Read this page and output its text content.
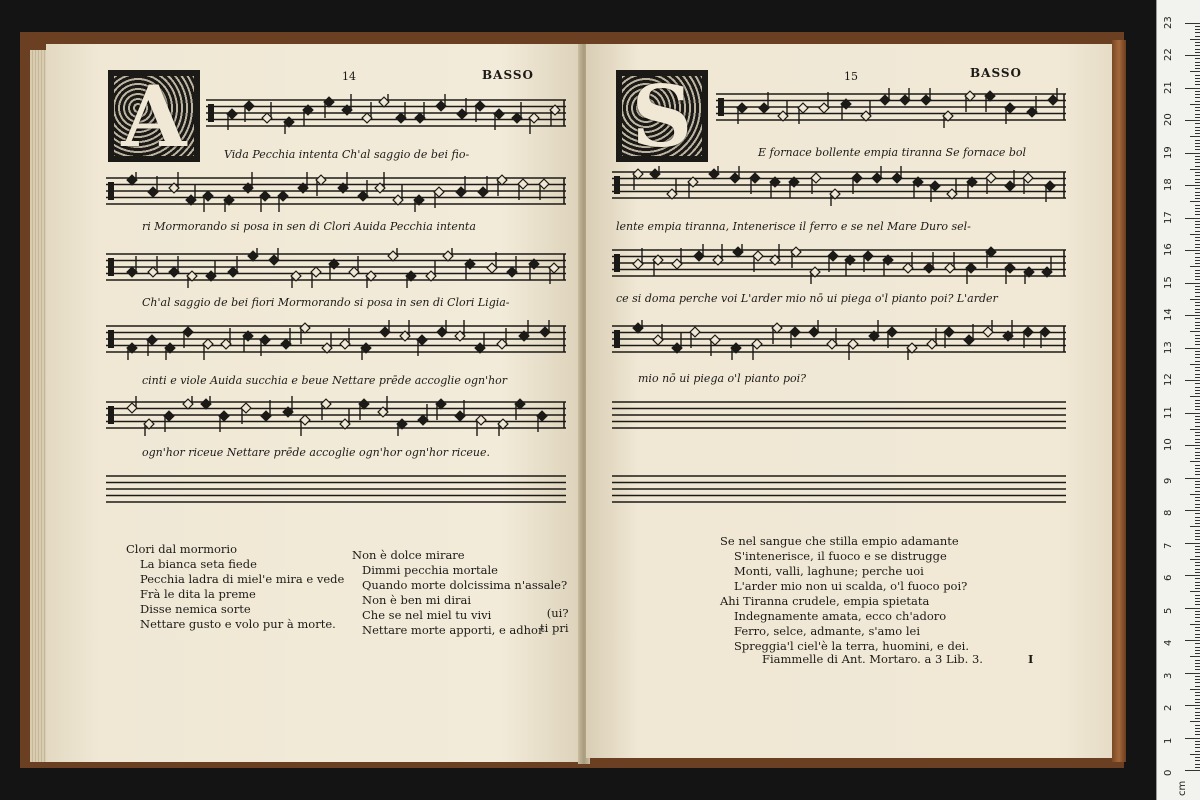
A	14	BASSO
Vida Pecchia intenta Ch'al saggio de bei fio-
ri Mormorando si posa in sen di Clori Auida Pecchia intenta
Ch'al saggio de bei fiori Mormorando si posa in sen di Clori Ligia-
cinti e viole Auida succhia e beue Nettare prēde accoglie ogn'hor
ogn'hor riceue Nettare prēde accoglie ogn'hor ogn'hor riceue.
Clori dal mormorio
La bianca seta fiede
Pecchia ladra di miel'e mira e vede
Frà le dita la preme
Disse nemica sorte
Nettare gusto e volo pur à morte.
Non è dolce mirare
Dimmi pecchia mortale
Quando morte dolcissima n'assale?
Non è ben mi dirai
Che se nel miel tu vivi
Nettare morte apporti, e adhor
(ui?
ti pri
S	15	BASSO
E fornace bollente empia tiranna Se fornace bol
lente empia tiranna, Intenerisce il ferro e se nel Mare Duro sel-
ce si doma perche voi L'arder mio nō ui piega o'l pianto poi? L'arder
mio nō ui piega o'l pianto poi?
Se nel sangue che stilla empio adamante
S'intenerisce, il fuoco e se distrugge
Monti, valli, laghune; perche uoi
L'arder mio non ui scalda, o'l fuoco poi?
Ahi Tiranna crudele, empia spietata
Indegnamente amata, ecco ch'adoro
Ferro, selce, admante, s'amo lei
Spreggia'l ciel'è la terra, huomini, e dei.
Fiammelle di Ant. Mortaro. a 3 Lib. 3.	I
0
1
2
3
4
5
6
7
8
9
10
11
12
13
14
15
16
17
18
19
20
21
22
23
cm
